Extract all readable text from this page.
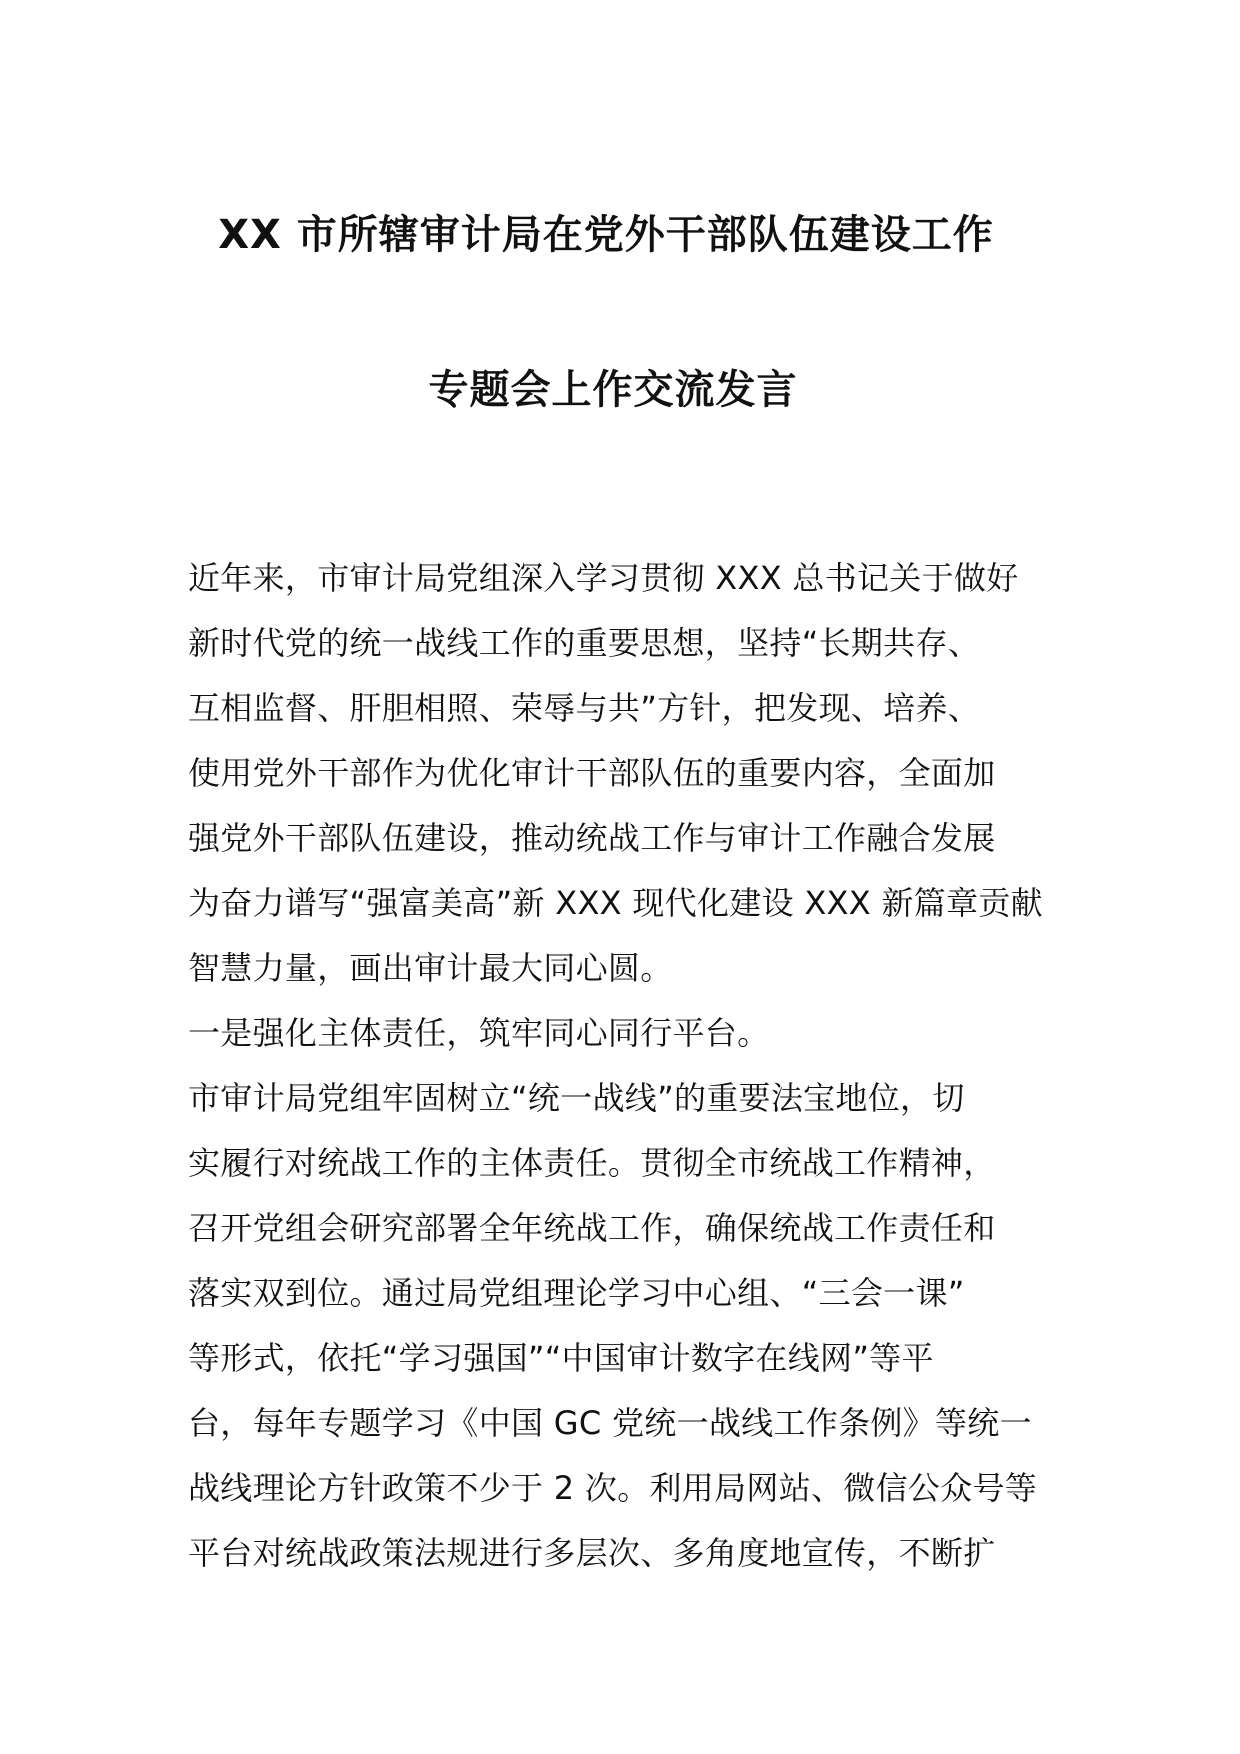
XX 市所辖审计局在党外干部队伍建设工作
专题会上作交流发言
近年来，市审计局党组深入学习贯彻 XXX 总书记关于做好
新时代党的统一战线工作的重要思想，坚持“长期共存、
互相监督、肝胆相照、荣辱与共”方针，把发现、培养、
使用党外干部作为优化审计干部队伍的重要内容，全面加
强党外干部队伍建设，推动统战工作与审计工作融合发展
为奋力谱写“强富美高”新 XXX 现代化建设 XXX 新篇章贡献
智慧力量，画出审计最大同心圆。
一是强化主体责任，筑牢同心同行平台。
市审计局党组牢固树立“统一战线”的重要法宝地位，切
实履行对统战工作的主体责任。贯彻全市统战工作精神，
召开党组会研究部署全年统战工作，确保统战工作责任和
落实双到位。通过局党组理论学习中心组、“三会一课”
等形式，依托“学习强国”“中国审计数字在线网”等平
台，每年专题学习《中国 GC 党统一战线工作条例》等统一
战线理论方针政策不少于 2 次。利用局网站、微信公众号等
平台对统战政策法规进行多层次、多角度地宣传，不断扩
